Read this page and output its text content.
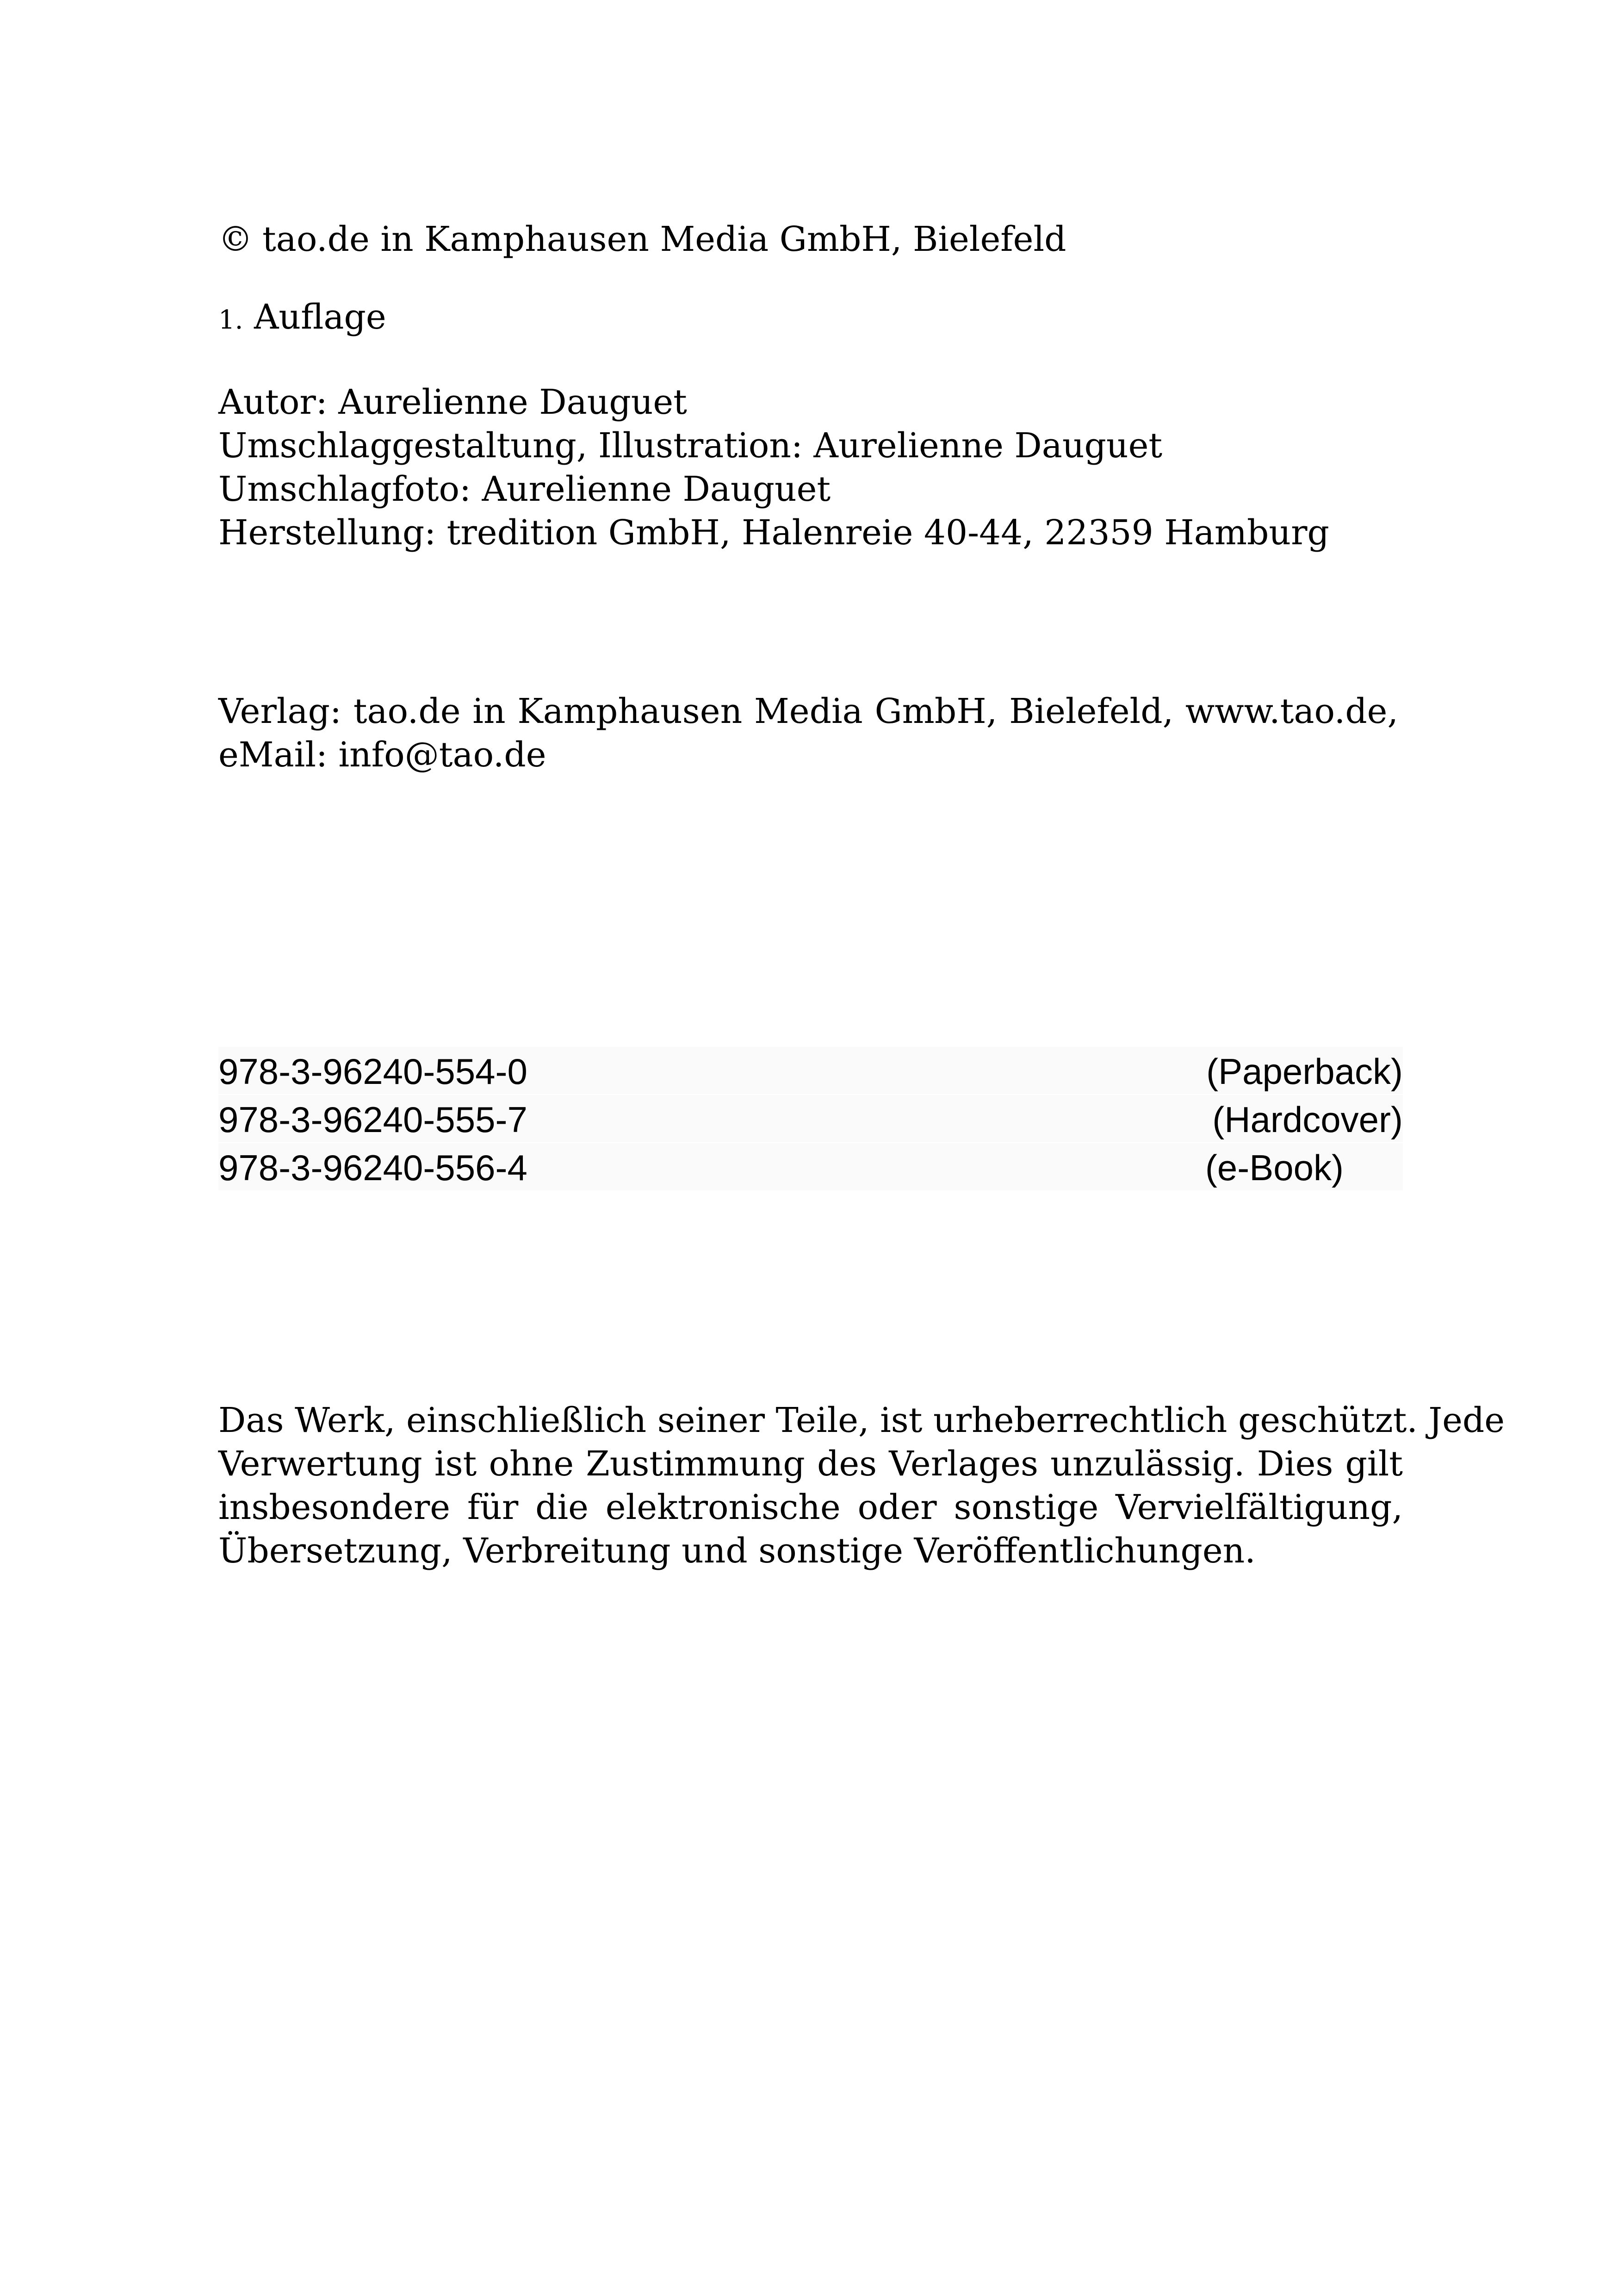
© tao.de in Kamphausen Media GmbH, Bielefeld
1. Auflage
Autor: Aurelienne Dauguet
Umschlaggestaltung, Illustration: Aurelienne Dauguet
Umschlagfoto: Aurelienne Dauguet
Herstellung: tredition GmbH, Halenreie 40-44, 22359 Hamburg
Verlag: tao.de in Kamphausen Media GmbH, Bielefeld, www.tao.de, eMail: info@tao.de
978-3-96240-554-0	(Paperback)
978-3-96240-555-7	(Hardcover)
978-3-96240-556-4	(e-Book)
Das Werk, einschließlich seiner Teile, ist urheberrechtlich geschützt. Jede
Verwertung ist ohne Zustimmung des Verlages unzulässig. Dies gilt
insbesondere für die elektronische oder sonstige Vervielfältigung,
Übersetzung, Verbreitung und sonstige Veröffentlichungen.
